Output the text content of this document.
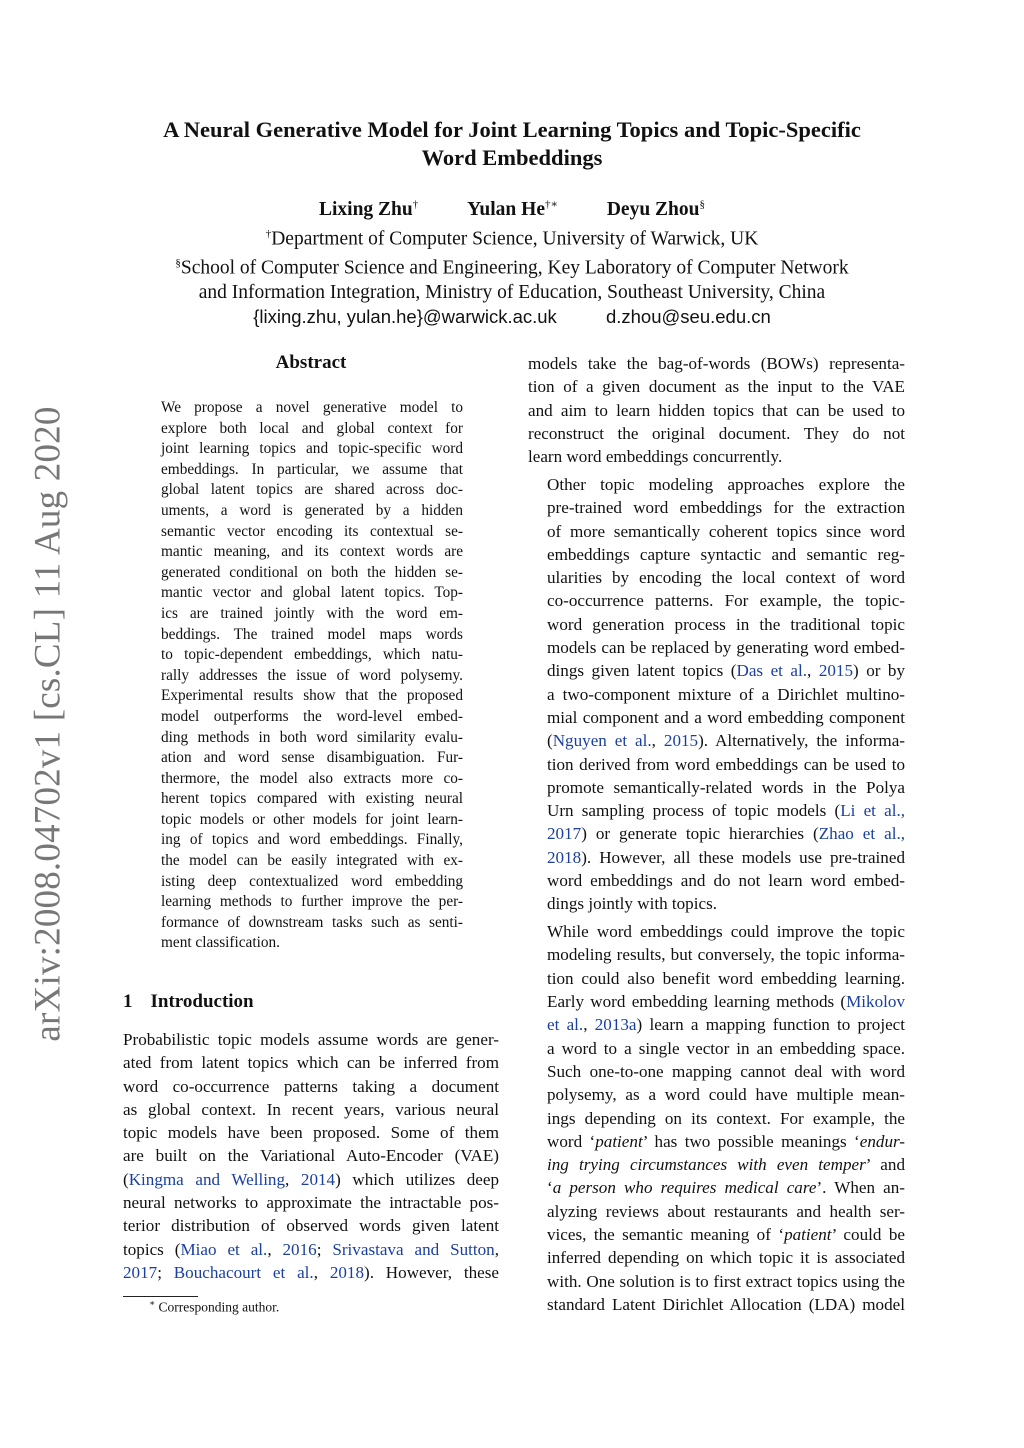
arXiv:2008.04702v1 [cs.CL] 11 Aug 2020
A Neural Generative Model for Joint Learning Topics and Topic-Specific
Word Embeddings
Lixing Zhu†	Yulan He†∗	Deyu Zhou§
†Department of Computer Science, University of Warwick, UK
§School of Computer Science and Engineering, Key Laboratory of Computer Network
and Information Integration, Ministry of Education, Southeast University, China
{lixing.zhu, yulan.he}@warwick.ac.uk	d.zhou@seu.edu.cn
Abstract
We propose a novel generative model to
explore both local and global context for
joint learning topics and topic-specific word
embeddings. In particular, we assume that
global latent topics are shared across doc-
uments, a word is generated by a hidden
semantic vector encoding its contextual se-
mantic meaning, and its context words are
generated conditional on both the hidden se-
mantic vector and global latent topics. Top-
ics are trained jointly with the word em-
beddings. The trained model maps words
to topic-dependent embeddings, which natu-
rally addresses the issue of word polysemy.
Experimental results show that the proposed
model outperforms the word-level embed-
ding methods in both word similarity evalu-
ation and word sense disambiguation. Fur-
thermore, the model also extracts more co-
herent topics compared with existing neural
topic models or other models for joint learn-
ing of topics and word embeddings. Finally,
the model can be easily integrated with ex-
isting deep contextualized word embedding
learning methods to further improve the per-
formance of downstream tasks such as senti-
ment classification.
1 Introduction
Probabilistic topic models assume words are gener-
ated from latent topics which can be inferred from
word co-occurrence patterns taking a document
as global context. In recent years, various neural
topic models have been proposed. Some of them
are built on the Variational Auto-Encoder (VAE)
(Kingma and Welling, 2014) which utilizes deep
neural networks to approximate the intractable pos-
terior distribution of observed words given latent
topics (Miao et al., 2016; Srivastava and Sutton,
2017; Bouchacourt et al., 2018). However, these
∗ Corresponding author.

models take the bag-of-words (BOWs) representa-
tion of a given document as the input to the VAE
and aim to learn hidden topics that can be used to
reconstruct the original document. They do not
learn word embeddings concurrently.

Other topic modeling approaches explore the
pre-trained word embeddings for the extraction
of more semantically coherent topics since word
embeddings capture syntactic and semantic reg-
ularities by encoding the local context of word
co-occurrence patterns. For example, the topic-
word generation process in the traditional topic
models can be replaced by generating word embed-
dings given latent topics (Das et al., 2015) or by
a two-component mixture of a Dirichlet multino-
mial component and a word embedding component
(Nguyen et al., 2015). Alternatively, the informa-
tion derived from word embeddings can be used to
promote semantically-related words in the Polya
Urn sampling process of topic models (Li et al.,
2017) or generate topic hierarchies (Zhao et al.,
2018). However, all these models use pre-trained
word embeddings and do not learn word embed-
dings jointly with topics.

While word embeddings could improve the topic
modeling results, but conversely, the topic informa-
tion could also benefit word embedding learning.
Early word embedding learning methods (Mikolov
et al., 2013a) learn a mapping function to project
a word to a single vector in an embedding space.
Such one-to-one mapping cannot deal with word
polysemy, as a word could have multiple mean-
ings depending on its context. For example, the
word ‘patient’ has two possible meanings ‘endur-
ing trying circumstances with even temper’ and
‘a person who requires medical care’. When an-
alyzing reviews about restaurants and health ser-
vices, the semantic meaning of ‘patient’ could be
inferred depending on which topic it is associated
with. One solution is to first extract topics using the
standard Latent Dirichlet Allocation (LDA) model
